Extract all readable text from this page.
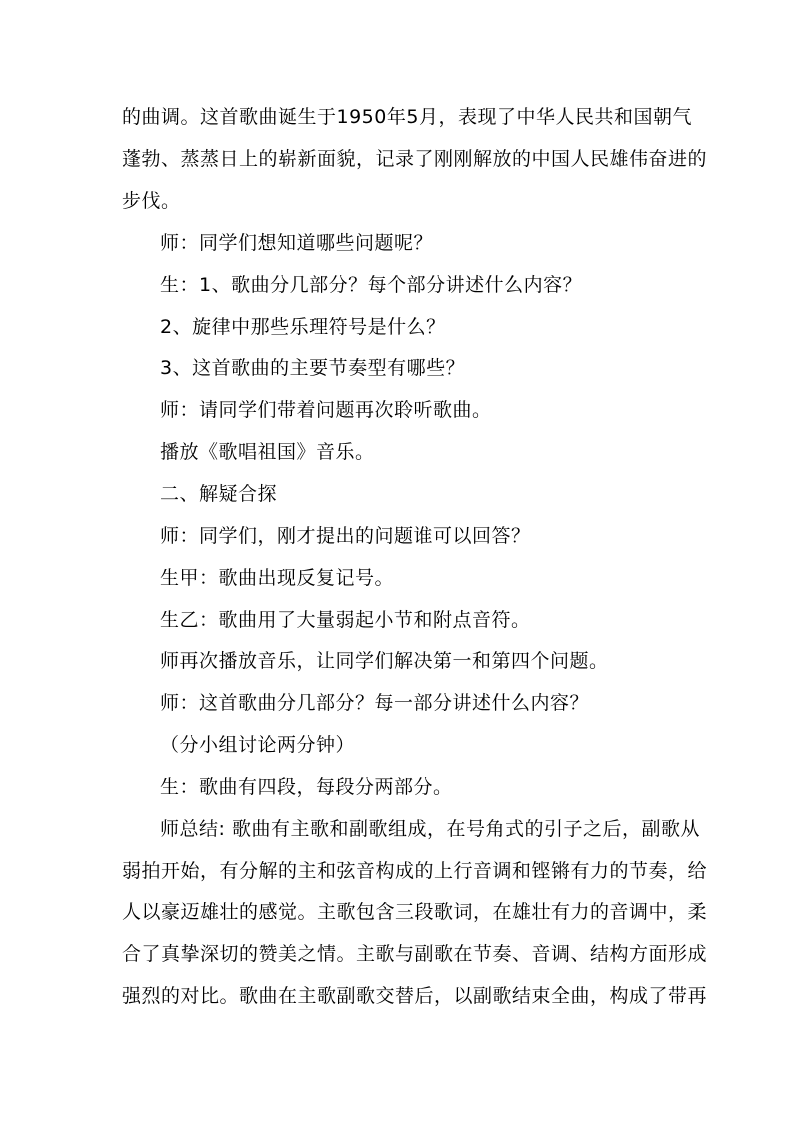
的曲调。这首歌曲诞生于1950年5月，表现了中华人民共和国朝气
蓬勃、蒸蒸日上的崭新面貌，记录了刚刚解放的中国人民雄伟奋进的
步伐。
师：同学们想知道哪些问题呢？
生：1、歌曲分几部分？每个部分讲述什么内容？
2、旋律中那些乐理符号是什么？
3、这首歌曲的主要节奏型有哪些？
师：请同学们带着问题再次聆听歌曲。
播放《歌唱祖国》音乐。
二、解疑合探
师：同学们，刚才提出的问题谁可以回答？
生甲：歌曲出现反复记号。
生乙：歌曲用了大量弱起小节和附点音符。
师再次播放音乐，让同学们解决第一和第四个问题。
师：这首歌曲分几部分？每一部分讲述什么内容？
（分小组讨论两分钟）
生：歌曲有四段，每段分两部分。
师总结: 歌曲有主歌和副歌组成，在号角式的引子之后，副歌从
弱拍开始，有分解的主和弦音构成的上行音调和铿锵有力的节奏，给
人以豪迈雄壮的感觉。主歌包含三段歌词，在雄壮有力的音调中，柔
合了真挚深切的赞美之情。主歌与副歌在节奏、音调、结构方面形成
强烈的对比。歌曲在主歌副歌交替后，以副歌结束全曲，构成了带再
